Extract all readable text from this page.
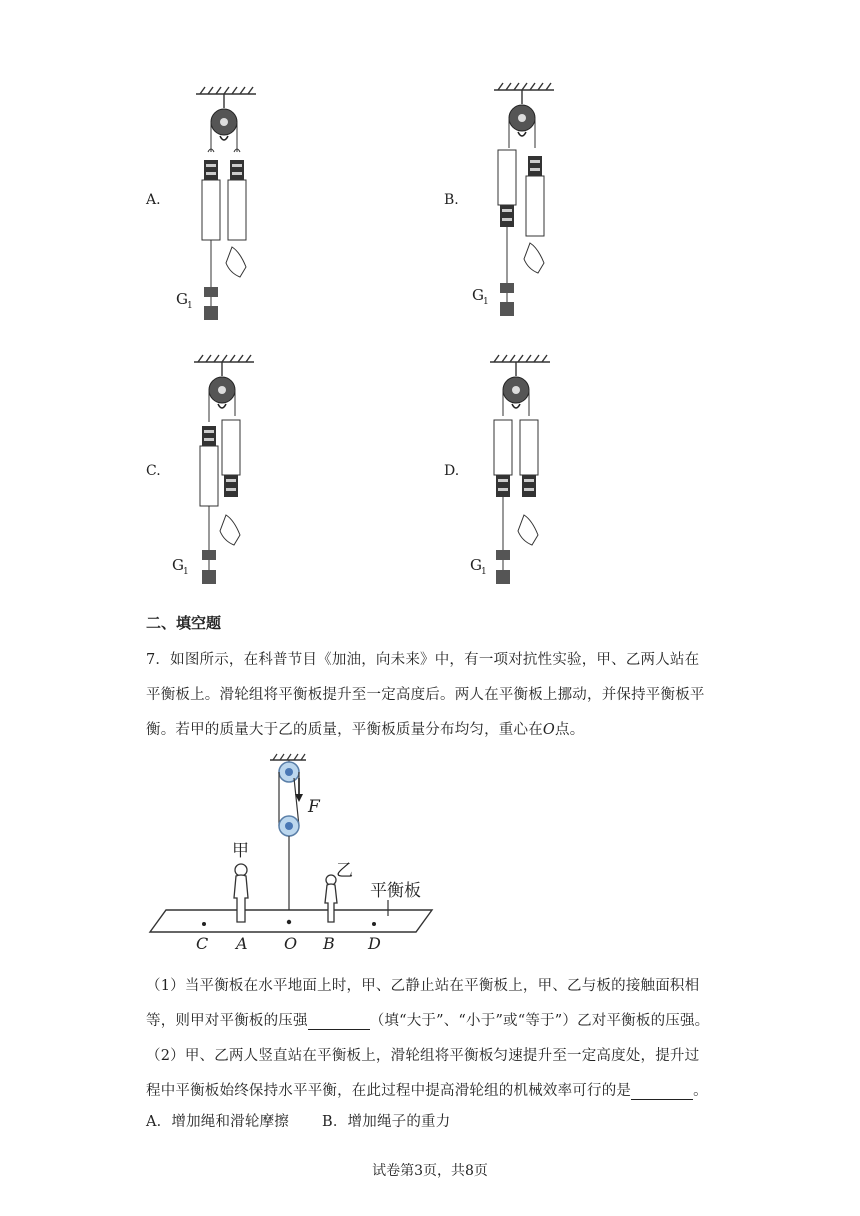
A.	B.
C.	D.
G 1
G 1
G 1	G 1
二、填空题
7．如图所示，在科普节目《加油，向未来》中，有一项对抗性实验，甲、乙两人站在
平衡板上。滑轮组将平衡板提升至一定高度后。两人在平衡板上挪动，并保持平衡板平
衡。若甲的质量大于乙的质量，平衡板质量分布均匀，重心在O点。
F
甲
乙
平衡板
C A O B D
（1）当平衡板在水平地面上时，甲、乙静止站在平衡板上，甲、乙与板的接触面积相
等，则甲对平衡板的压强	（填“大于”、“小于”或“等于”）乙对平衡板的压强。
（2）甲、乙两人竖直站在平衡板上，滑轮组将平衡板匀速提升至一定高度处，提升过
程中平衡板始终保持水平平衡，在此过程中提高滑轮组的机械效率可行的是	。
A．增加绳和滑轮摩擦 B．增加绳子的重力
试卷第3页，共8页
